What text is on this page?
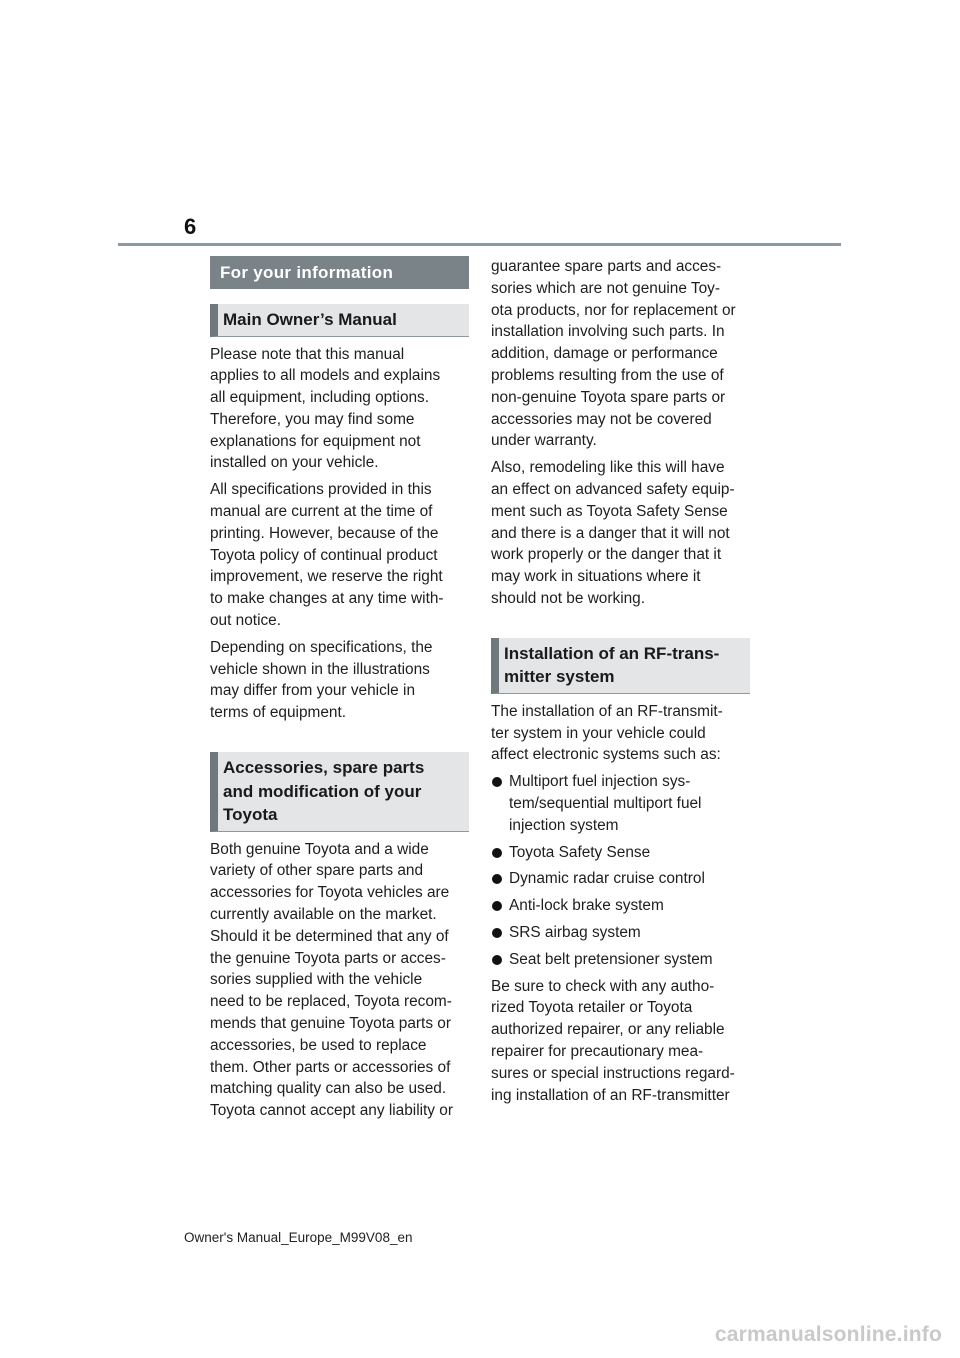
6
For your information
Main Owner’s Manual
Please note that this manual
applies to all models and explains
all equipment, including options.
Therefore, you may find some
explanations for equipment not
installed on your vehicle.
All specifications provided in this
manual are current at the time of
printing. However, because of the
Toyota policy of continual product
improvement, we reserve the right
to make changes at any time with-
out notice.
Depending on specifications, the
vehicle shown in the illustrations
may differ from your vehicle in
terms of equipment.
Accessories, spare parts
and modification of your
Toyota
Both genuine Toyota and a wide
variety of other spare parts and
accessories for Toyota vehicles are
currently available on the market.
Should it be determined that any of
the genuine Toyota parts or acces-
sories supplied with the vehicle
need to be replaced, Toyota recom-
mends that genuine Toyota parts or
accessories, be used to replace
them. Other parts or accessories of
matching quality can also be used.
Toyota cannot accept any liability or
guarantee spare parts and acces-
sories which are not genuine Toy-
ota products, nor for replacement or
installation involving such parts. In
addition, damage or performance
problems resulting from the use of
non-genuine Toyota spare parts or
accessories may not be covered
under warranty.
Also, remodeling like this will have
an effect on advanced safety equip-
ment such as Toyota Safety Sense
and there is a danger that it will not
work properly or the danger that it
may work in situations where it
should not be working.
Installation of an RF-trans-
mitter system
The installation of an RF-transmit-
ter system in your vehicle could
affect electronic systems such as:
Multiport fuel injection sys-
tem/sequential multiport fuel
injection system
Toyota Safety Sense
Dynamic radar cruise control
Anti-lock brake system
SRS airbag system
Seat belt pretensioner system
Be sure to check with any autho-
rized Toyota retailer or Toyota
authorized repairer, or any reliable
repairer for precautionary mea-
sures or special instructions regard-
ing installation of an RF-transmitter
Owner's Manual_Europe_M99V08_en
carmanualsonline.info
